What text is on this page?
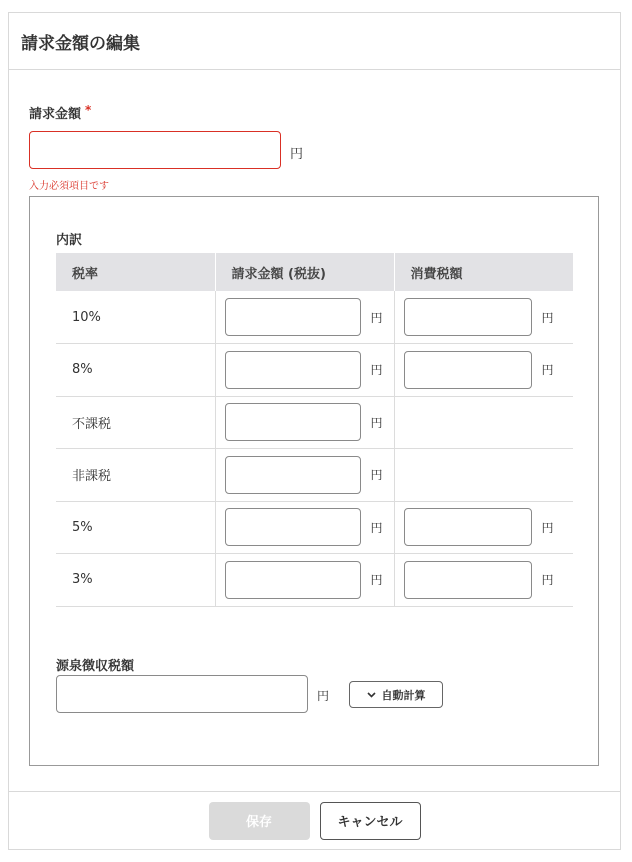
請求金額の編集
請求金額 *
円
入力必須項目です
内訳
税率	請求金額 (税抜)	消費税額
10%	円	円

8%	円	円

不課税	円	

非課税	円	

5%	円	円

3%	円	円
源泉徴収税額
円	自動計算
保存	キャンセル
